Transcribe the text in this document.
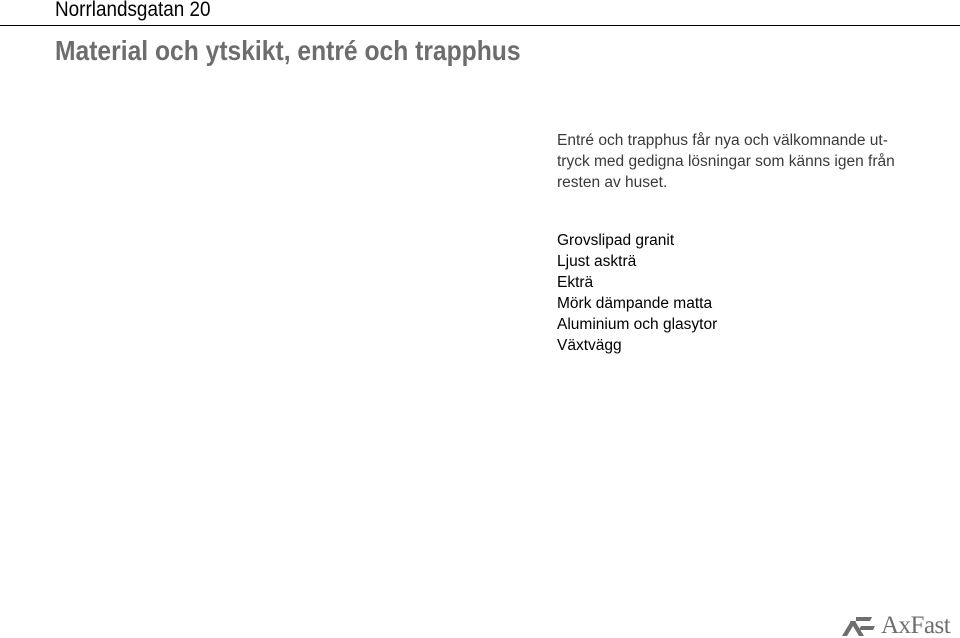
Norrlandsgatan 20
Material och ytskikt, entré och trapphus
Entré och trapphus får nya och välkomnande ut-
tryck med gedigna lösningar som känns igen från
resten av huset.
Grovslipad granit
Ljust askträ
Ekträ
Mörk dämpande matta
Aluminium och glasytor
Växtvägg
AxFast
